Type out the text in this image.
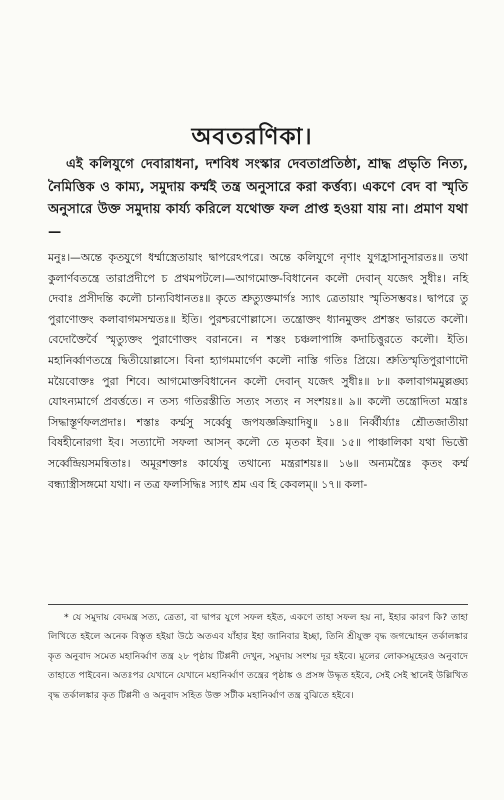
অবতরণিকা।

এই কলিযুগে দেবারাধনা, দশবিধ সংস্কার দেবতাপ্রতিষ্ঠা, শ্রাদ্ধ প্রভৃতি নিত্য, নৈমিত্তিক ও কাম্য, সমুদায় কর্ম্মই তন্ত্র অনুসারে করা কর্ত্তব্য। একণে বেদ বা স্মৃতি অনুসারে উক্ত সমুদায় কার্য্য করিলে যথোক্ত ফল প্রাপ্ত হওয়া যায় না। প্রমাণ যথা—

মনুঃ।—অন্তে কৃতযুগে ধর্ম্মাস্ত্রেতায়াং দ্বাপরেঽপরে। অন্তে কলিযুগে নৃণাং যুগহ্রাসানুসারতঃ॥ তথা কুলার্ণবতন্ত্রে তারাপ্রদীপে চ প্রথমপটলে।—আগমোক্ত-বিধানেন কলৌ দেবান্ যজেৎ সুধীঃ। নহি দেবাঃ প্রসীদন্তি কলৌ চান্যবিধানতঃ॥ কৃতে শ্রুত্যুক্তমার্গঃ স্যাৎ ত্রেতায়াং স্মৃতিসম্ভবঃ। দ্বাপরে তু পুরাণোক্তং কলাবাগমসম্মতঃ॥ ইতি। পুরশ্চরণোল্লাসে। তন্ত্রোক্তং ধ্যানমুক্তং প্রশস্তং ভারতে কলৌ। বেদোক্তৈর্বৈ স্মৃত্যুক্তং পুরাণোক্তং বরাননে। ন শস্তং চঞ্চলাপাঙ্গি কদাচিত্তুরতে কলৌ। ইতি। মহানির্ব্বাণতন্ত্রে দ্বিতীয়োল্লাসে। বিনা হ্যাগমমার্গেণ কলৌ নাস্তি গতিঃ প্রিয়ে। শ্রুতিস্মৃতিপুরাণাদৌ ময়ৈবোক্তঃ পুরা শিবে। আগমোক্তবিধানেন কলৌ দেবান্ যজেৎ সুধীঃ॥ ৮॥ কলাবাগমমুল্লঙ্ঘ্য যোঽন্যমার্গে প্রবর্ত্ততে। ন তস্য গতিরস্তীতি সত্যং সত্যং ন সংশয়ঃ॥ ৯॥ কলৌ তন্ত্রোদিতা মন্ত্রাঃ সিদ্ধাস্তূর্ণফলপ্রদাঃ। শস্তাঃ কর্ম্মসু সর্ব্বেষু জপযজ্ঞক্রিয়াদিষু॥ ১৪॥ নির্ব্বীর্য্যাঃ শ্রৌতজাতীয়া বিষহীনোরগা ইব। সত্যাদৌ সফলা আসন্ কলৌ তে মৃতকা ইব॥ ১৫॥ পাঞ্চালিকা যথা ভিত্তৌ সর্ব্বেন্দ্রিয়সমন্বিতাঃ। অমূরশক্তাঃ কার্য্যেষু তথান্যে মন্ত্ররাশয়ঃ॥ ১৬॥ অন্যমন্ত্রৈঃ কৃতং কর্ম্ম বন্ধ্যাস্ত্রীসঙ্গমো যথা। ন তত্র ফলসিদ্ধিঃ স্যাৎ শ্রম এব হি কেবলম্॥ ১৭॥ কলা-

* যে সমুদায় বেদমন্ত্র সত্য, ত্রেতা, বা দ্বাপর যুগে সফল হইত, একণে তাহা সফল হয় না, ইহার কারণ কি? তাহা লিখিতে হইলে অনেক বিস্তৃত হইয়া উঠে অতএব যাঁহার ইহা জানিবার ইচ্ছা, তিনি শ্রীযুক্ত বৃদ্ধ জগন্মোহন তর্কালঙ্কার কৃত অনুবাদ সমেত মহানির্ব্বাণ তন্ত্র ২৮ পৃষ্ঠায় টিপ্পনী দেখুন, সমুদায় সংশয় দূর হইবে। মূলের লোকসমূহেরও অনুবাদে তাহাতে পাইবেন। অতঃপর যেখানে যেখানে মহানির্ব্বাণ তন্ত্রের পৃষ্ঠাঙ্ক ও প্রসঙ্গ উদ্ধৃত হইবে, সেই সেই স্থানেই উল্লিখিত বৃদ্ধ তর্কালঙ্কার কৃত টিপ্পনী ও অনুবাদ সহিত উক্ত সটীক মহানির্ব্বাণ তন্ত্র বুঝিতে হইবে।
